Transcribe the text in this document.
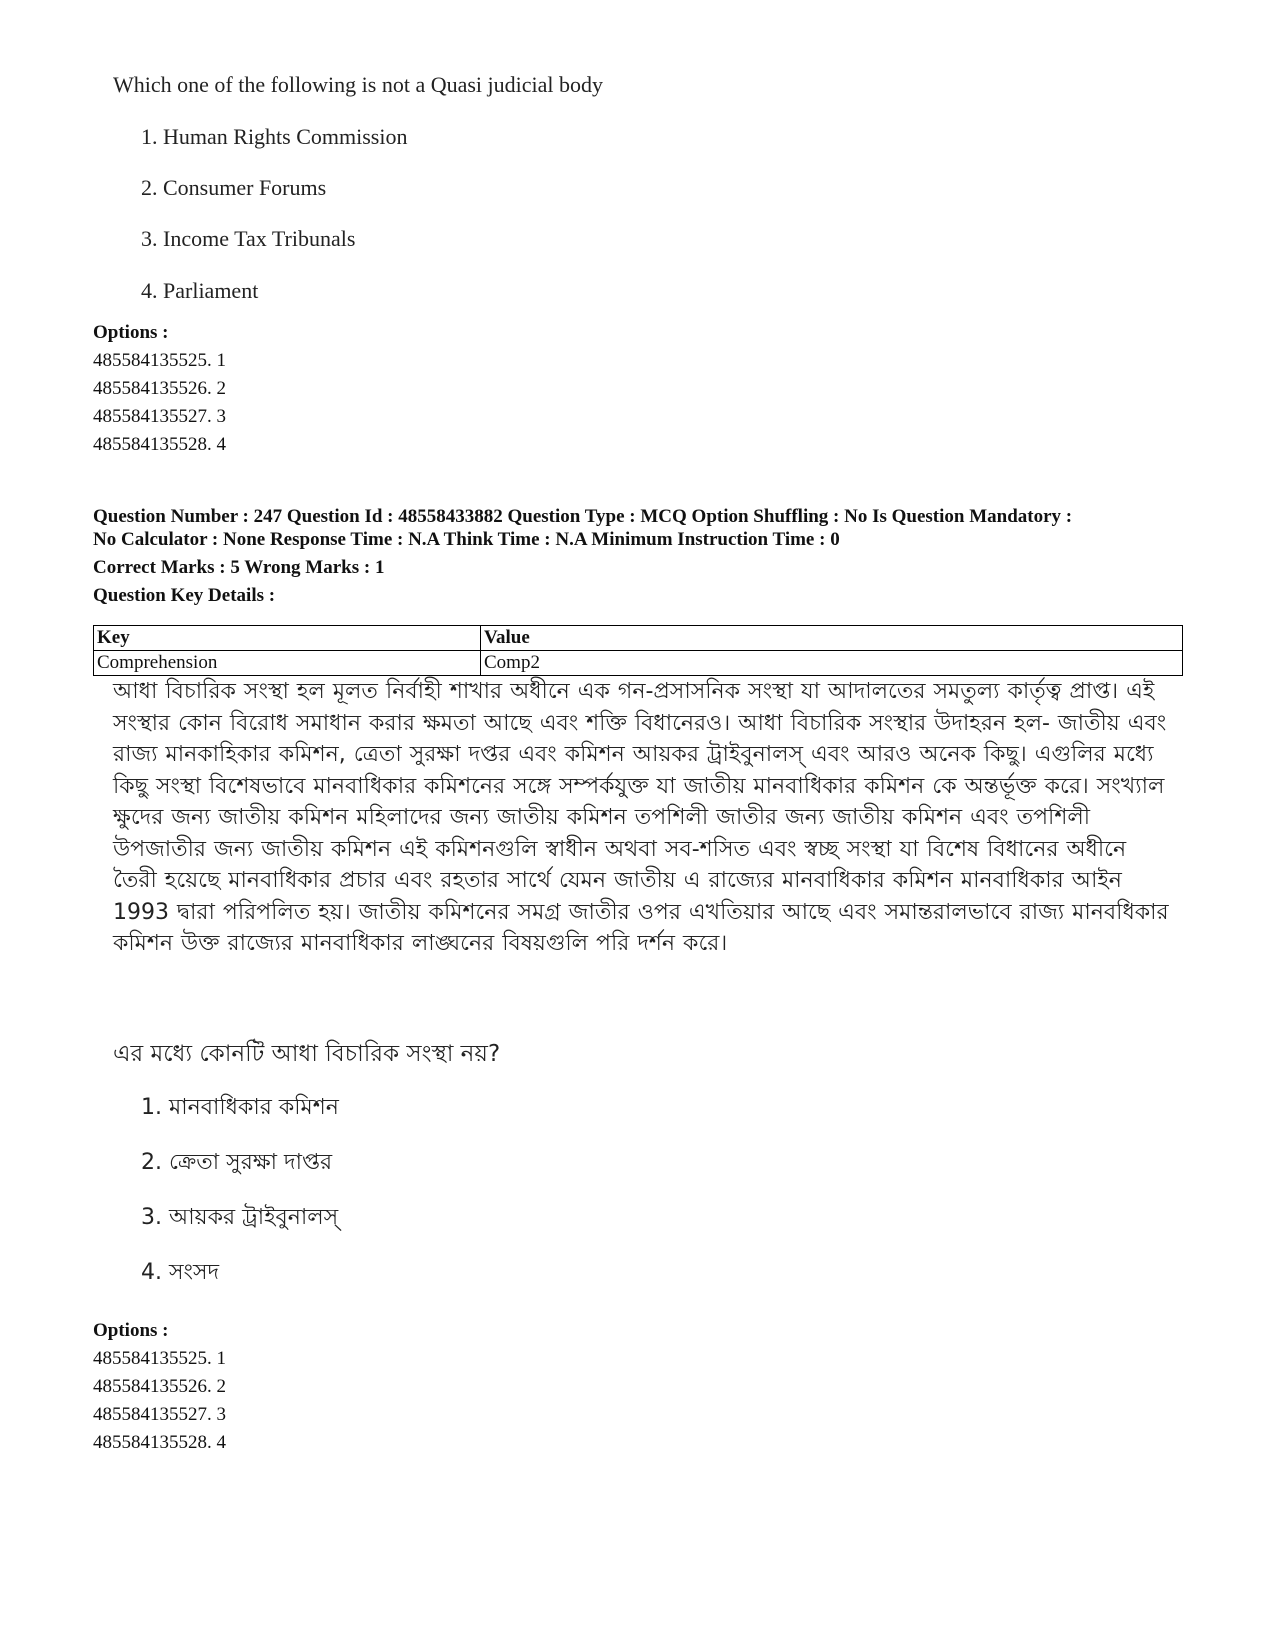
Which one of the following is not a Quasi judicial body
1. Human Rights Commission
2. Consumer Forums
3. Income Tax Tribunals
4. Parliament
Options :
485584135525. 1
485584135526. 2
485584135527. 3
485584135528. 4
Question Number : 247 Question Id : 48558433882 Question Type : MCQ Option Shuffling : No Is Question Mandatory :
No Calculator : None Response Time : N.A Think Time : N.A Minimum Instruction Time : 0
Correct Marks : 5 Wrong Marks : 1
Question Key Details :
Key	Value
Comprehension	Comp2
আধা বিচারিক সংস্থা হল মূলত নির্বাহী শাখার অধীনে এক গন-প্রসাসনিক সংস্থা যা আদালতের সমতুল্য কার্তৃত্ব প্রাপ্ত। এই সংস্থার কোন বিরোধ সমাধান করার ক্ষমতা আছে এবং শক্তি বিধানেরও। আধা বিচারিক সংস্থার উদাহরন হল- জাতীয় এবং রাজ্য মানকাহিকার কমিশন, ত্রেতা সুরক্ষা দপ্তর এবং কমিশন আয়কর ট্রাইবুনালস্ এবং আরও অনেক কিছু। এগুলির মধ্যে কিছু সংস্থা বিশেষভাবে মানবাধিকার কমিশনের সঙ্গে সম্পর্কযুক্ত যা জাতীয় মানবাধিকার কমিশন কে অন্তর্ভূক্ত করে। সংখ্যাল ক্ষুদের জন্য জাতীয় কমিশন মহিলাদের জন্য জাতীয় কমিশন তপশিলী জাতীর জন্য জাতীয় কমিশন এবং তপশিলী উপজাতীর জন্য জাতীয় কমিশন এই কমিশনগুলি স্বাধীন অথবা সব-শসিত এবং স্বচ্ছ সংস্থা যা বিশেষ বিধানের অধীনে তৈরী হয়েছে মানবাধিকার প্রচার এবং রহতার সার্থে যেমন জাতীয় এ রাজ্যের মানবাধিকার কমিশন মানবাধিকার আইন 1993 দ্বারা পরিপলিত হয়। জাতীয় কমিশনের সমগ্র জাতীর ওপর এখতিয়ার আছে এবং সমান্তরালভাবে রাজ্য মানবধিকার কমিশন উক্ত রাজ্যের মানবাধিকার লাঙ্ঘনের বিষয়গুলি পরি দর্শন করে।
এর মধ্যে কোনটি আধা বিচারিক সংস্থা নয়?
1. মানবাধিকার কমিশন
2. ক্রেতা সুরক্ষা দাপ্তর
3. আয়কর ট্রাইবুনালস্
4. সংসদ
Options :
485584135525. 1
485584135526. 2
485584135527. 3
485584135528. 4
